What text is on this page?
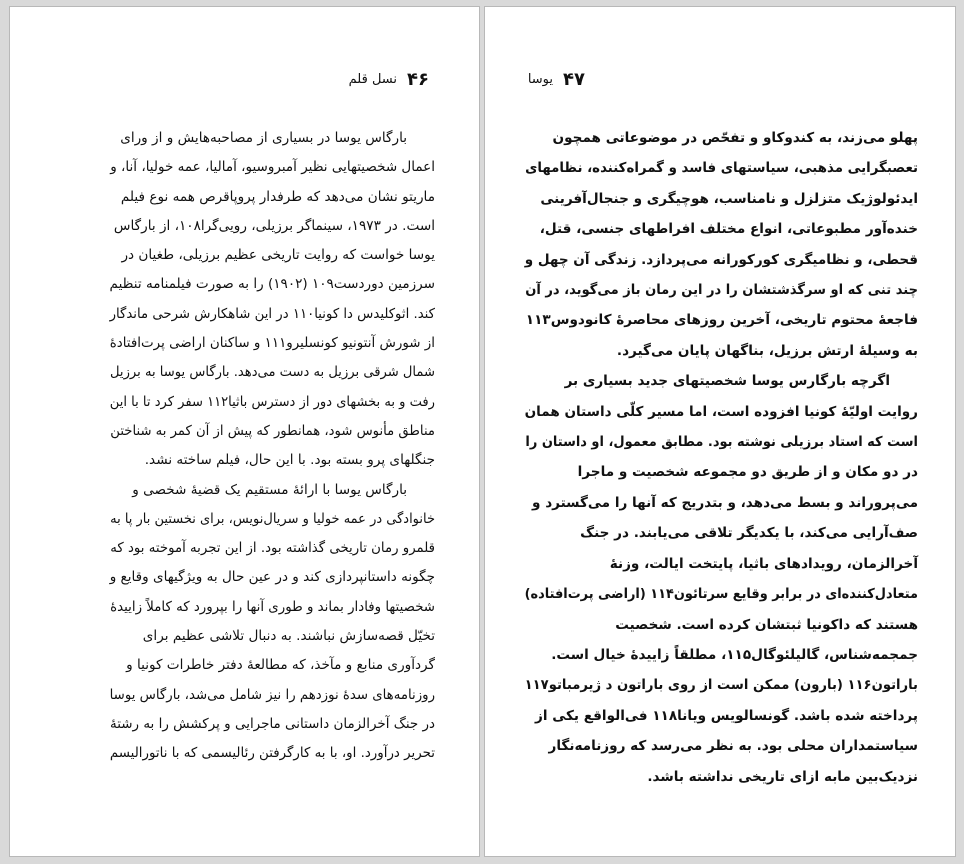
۴۶
نسل قلم
بارگاس یوسا در بسیاری از مصاحبه‌هایش و از ورای
اعمال شخصیتهایی نظیر آمبروسیو، آمالیا، عمه خولیا، آنا، و
ماریتو نشان می‌دهد که طرفدار پروپاقرص همه نوع فیلم
است. در ۱۹۷۳، سینماگر برزیلی، رویی‌گرا۱۰۸، از بارگاس
یوسا خواست که روایت تاریخی عظیم برزیلی، طغیان در
سرزمین دوردست۱۰۹ (۱۹۰۲) را به صورت فیلمنامه تنظیم
کند. اثوکلیدس دا کونیا۱۱۰ در این شاهکارش شرحی ماندگار
از شورش آنتونیو کونسلیرو۱۱۱ و ساکنان اراضی پرت‌افتادهٔ
شمال شرقی برزیل به دست می‌دهد. بارگاس یوسا به برزیل
رفت و به بخشهای دور از دسترس باثیا۱۱۲ سفر کرد تا با این
مناطق مأنوس شود، همانطور که پیش از آن کمر به شناختن
جنگلهای پرو بسته بود. با این حال، فیلم ساخته نشد.
بارگاس یوسا با ارائهٔ مستقیم یک قضیهٔ شخصی و
خانوادگی در عمه خولیا و سریال‌نویس، برای نخستین بار پا به
قلمرو رمان تاریخی گذاشته بود. از این تجربه آموخته بود که
چگونه داستانپردازی کند و در عین حال به ویژگیهای وقایع و
شخصیتها وفادار بماند و طوری آنها را بپرورد که کاملاً زاییدهٔ
تخیّل قصه‌سازش نباشند. به دنبال تلاشی عظیم برای
گردآوری منابع و مآخذ، که مطالعهٔ دفتر خاطرات کونیا و
روزنامه‌های سدهٔ نوزدهم را نیز شامل می‌شد، بارگاس یوسا
در جنگ آخرالزمان داستانی ماجرایی و پرکشش را به رشتهٔ
تحریر درآورد. او، با به کارگرفتن رئالیسمی که با ناتورالیسم
۴۷
یوسا
پهلو می‌زند، به کندوکاو و تفحّص در موضوعاتی همچون
تعصبگرایی مذهبی، سیاستهای فاسد و گمراه‌کننده، نظامهای
ایدئولوژیک متزلزل و نامناسب، هوچیگری و جنجال‌آفرینی
خنده‌آور مطبوعاتی، انواع مختلف افراطهای جنسی، قتل،
قحطی، و نظامیگری کورکورانه می‌پردازد. زندگی آن چهل و
چند تنی که او سرگذشتشان را در این رمان باز می‌گوید، در آن
فاجعهٔ محتوم تاریخی، آخرین روزهای محاصرهٔ کانودوس۱۱۳
به وسیلهٔ ارتش برزیل، بناگهان پایان می‌گیرد.
اگرچه بارگارس یوسا شخصیتهای جدید بسیاری بر
روایت اولیّهٔ کونیا افزوده است، اما مسیر کلّی داستان همان
است که استاد برزیلی نوشته بود. مطابق معمول، او داستان را
در دو مکان و از طریق دو مجموعه شخصیت و ماجرا
می‌پروراند و بسط می‌دهد، و بتدریج که آنها را می‌گسترد و
صف‌آرایی می‌کند، با یکدیگر تلاقی می‌یابند. در جنگ
آخرالزمان، رویدادهای باثیا، پایتخت ایالت، وزنهٔ
متعادل‌کننده‌ای در برابر وقایع سرتائون۱۱۴ (اراضی پرت‌افتاده)
هستند که داکونیا ثبتشان کرده است. شخصیت
جمجمه‌شناس، گالیلئوگال۱۱۵، مطلقاً زاییدهٔ خیال است.
باراتون۱۱۶ (بارون) ممکن است از روی باراتون د ژیرمباتو۱۱۷
پرداخته شده باشد. گونسالویس ویانا۱۱۸ فی‌الواقع یکی از
سیاستمداران محلی بود. به نظر می‌رسد که روزنامه‌نگار
نزدیک‌بین مابه ازای تاریخی نداشته باشد.
